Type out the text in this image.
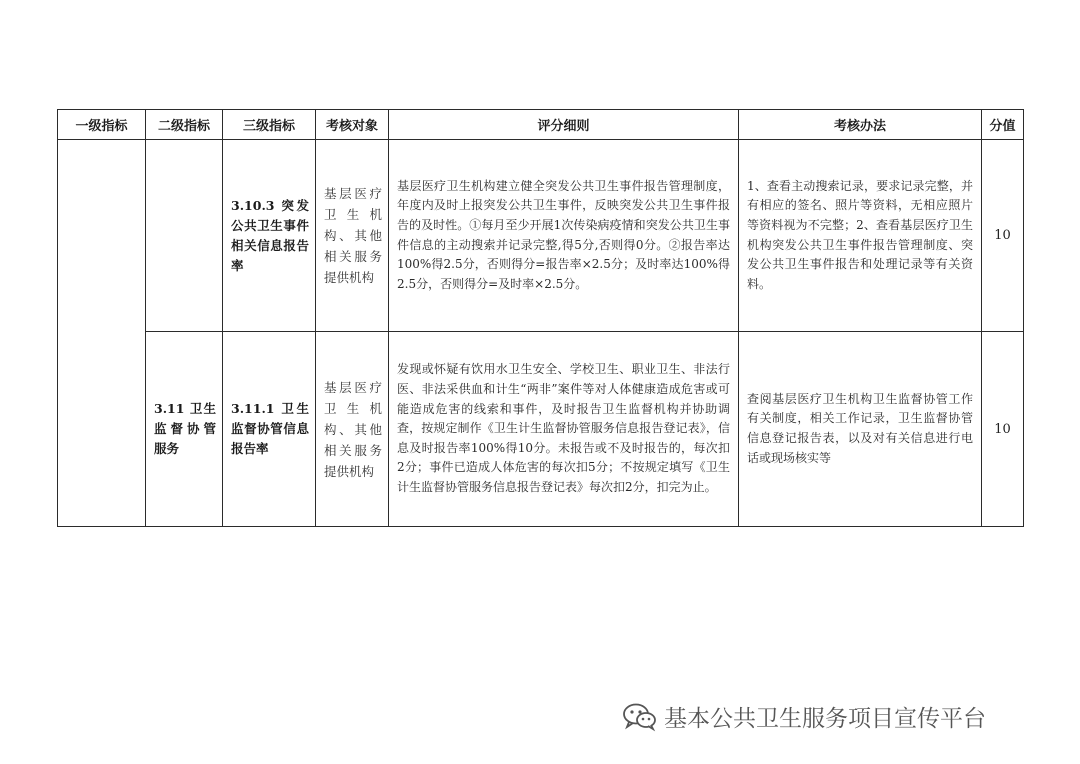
一级指标	二级指标	三级指标	考核对象	评分细则	考核办法	分值
		3.10.3 突发公共卫生事件相关信息报告率	基层医疗卫生机构、其他相关服务提供机构	基层医疗卫生机构建立健全突发公共卫生事件报告管理制度，年度内及时上报突发公共卫生事件，反映突发公共卫生事件报告的及时性。①每月至少开展1次传染病疫情和突发公共卫生事件信息的主动搜索并记录完整,得5分,否则得0分。②报告率达100%得2.5分，否则得分=报告率×2.5分；及时率达100%得2.5分，否则得分=及时率×2.5分。	1、查看主动搜索记录，要求记录完整，并有相应的签名、照片等资料，无相应照片等资料视为不完整；2、查看基层医疗卫生机构突发公共卫生事件报告管理制度、突发公共卫生事件报告和处理记录等有关资料。	10
	3.11 卫生监督协管服务	3.11.1 卫生监督协管信息报告率	基层医疗卫生机构、其他相关服务提供机构	发现或怀疑有饮用水卫生安全、学校卫生、职业卫生、非法行医、非法采供血和计生“两非”案件等对人体健康造成危害或可能造成危害的线索和事件，及时报告卫生监督机构并协助调查，按规定制作《卫生计生监督协管服务信息报告登记表》，信息及时报告率100%得10分。未报告或不及时报告的，每次扣2分；事件已造成人体危害的每次扣5分；不按规定填写《卫生计生监督协管服务信息报告登记表》每次扣2分，扣完为止。	查阅基层医疗卫生机构卫生监督协管工作有关制度，相关工作记录，卫生监督协管信息登记报告表，以及对有关信息进行电话或现场核实等	10
基本公共卫生服务项目宣传平台
